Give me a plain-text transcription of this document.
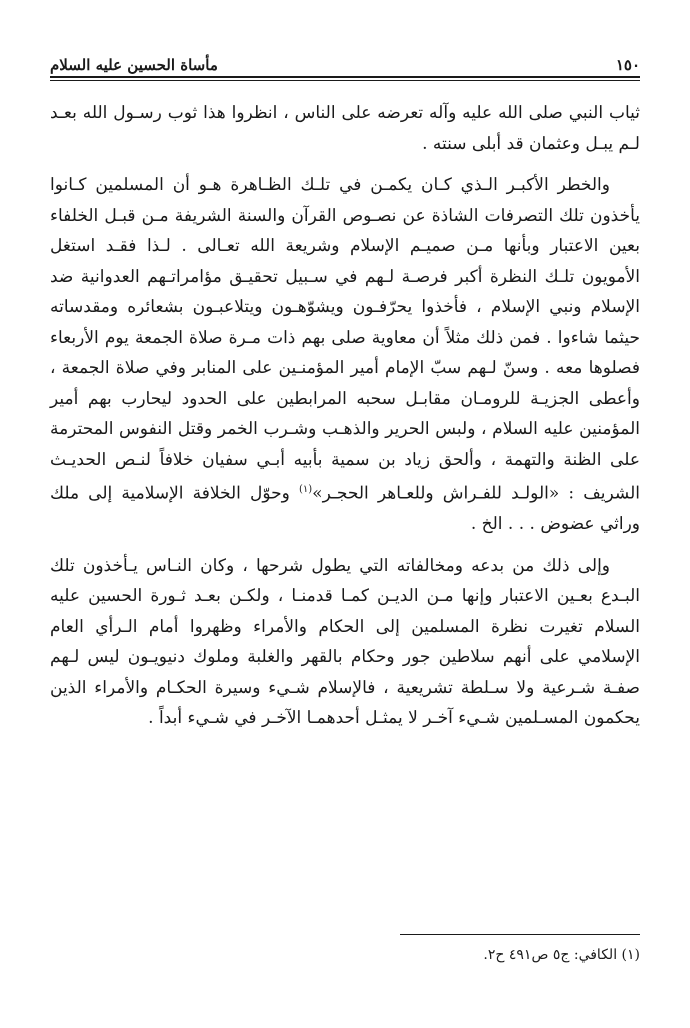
١٥٠
مأساة الحسين عليه السلام

ثياب النبي صلى الله عليه وآله تعرضه على الناس ، انظروا هذا ثوب رسـول الله بعـد لـم يبـل وعثمان قد أبلى سنته .

والخطر الأكبـر الـذي كـان يكمـن في تلـك الظـاهرة هـو أن المسلمين كـانوا يأخذون تلك التصرفات الشاذة عن نصـوص القرآن والسنة الشريفة مـن قبـل الخلفاء بعين الاعتبار وبأنها مـن صميـم الإسلام وشريعة الله تعـالى . لـذا فقـد استغل الأمويون تلـك النظرة أكبر فرصـة لـهم في سـبيل تحقيـق مؤامراتـهم العدوانية ضد الإسلام ونبي الإسلام ، فأخذوا يحرّفـون ويشوّهـون ويتلاعبـون بشعائره ومقدساته حيثما شاءوا . فمن ذلك مثلاً أن معاوية صلى بهم ذات مـرة صلاة الجمعة يوم الأربعاء فصلوها معه . وسنّ لـهم سبّ الإمام أمير المؤمنـين على المنابر وفي صلاة الجمعة ، وأعطى الجزيـة للرومـان مقابـل سحبه المرابطين على الحدود ليحارب بهم أمير المؤمنين عليه السلام ، ولبس الحرير والذهـب وشـرب الخمر وقتل النفوس المحترمة على الظنة والتهمة ، وألحق زياد بن سمية بأبيه أبـي سفيان خلافاً لنـص الحديـث الشريف : «الولـد للفـراش وللعـاهر الحجـر»$^{(١)}$ وحوّل الخلافة الإسلامية إلى ملك وراثي عضوض . . . الخ .

وإلى ذلك من بدعه ومخالفاته التي يطول شرحها ، وكان النـاس يـأخذون تلك البـدع بعـين الاعتبار وإنها مـن الديـن كمـا قدمنـا ، ولكـن بعـد ثـورة الحسين عليه السلام تغيرت نظرة المسلمين إلى الحكام والأمراء وظهروا أمام الـرأي العام الإسلامي على أنهم سلاطين جور وحكام بالقهر والغلبة وملوك دنيويـون ليس لـهم صفـة شـرعية ولا سـلطة تشريعية ، فالإسلام شـيء وسيرة الحكـام والأمراء الذين يحكمون المسـلمين شـيء آخـر لا يمثـل أحدهمـا الآخـر في شـيء أبداً .

(١) الكافي: ج٥ ص٤٩١ ح٢.
